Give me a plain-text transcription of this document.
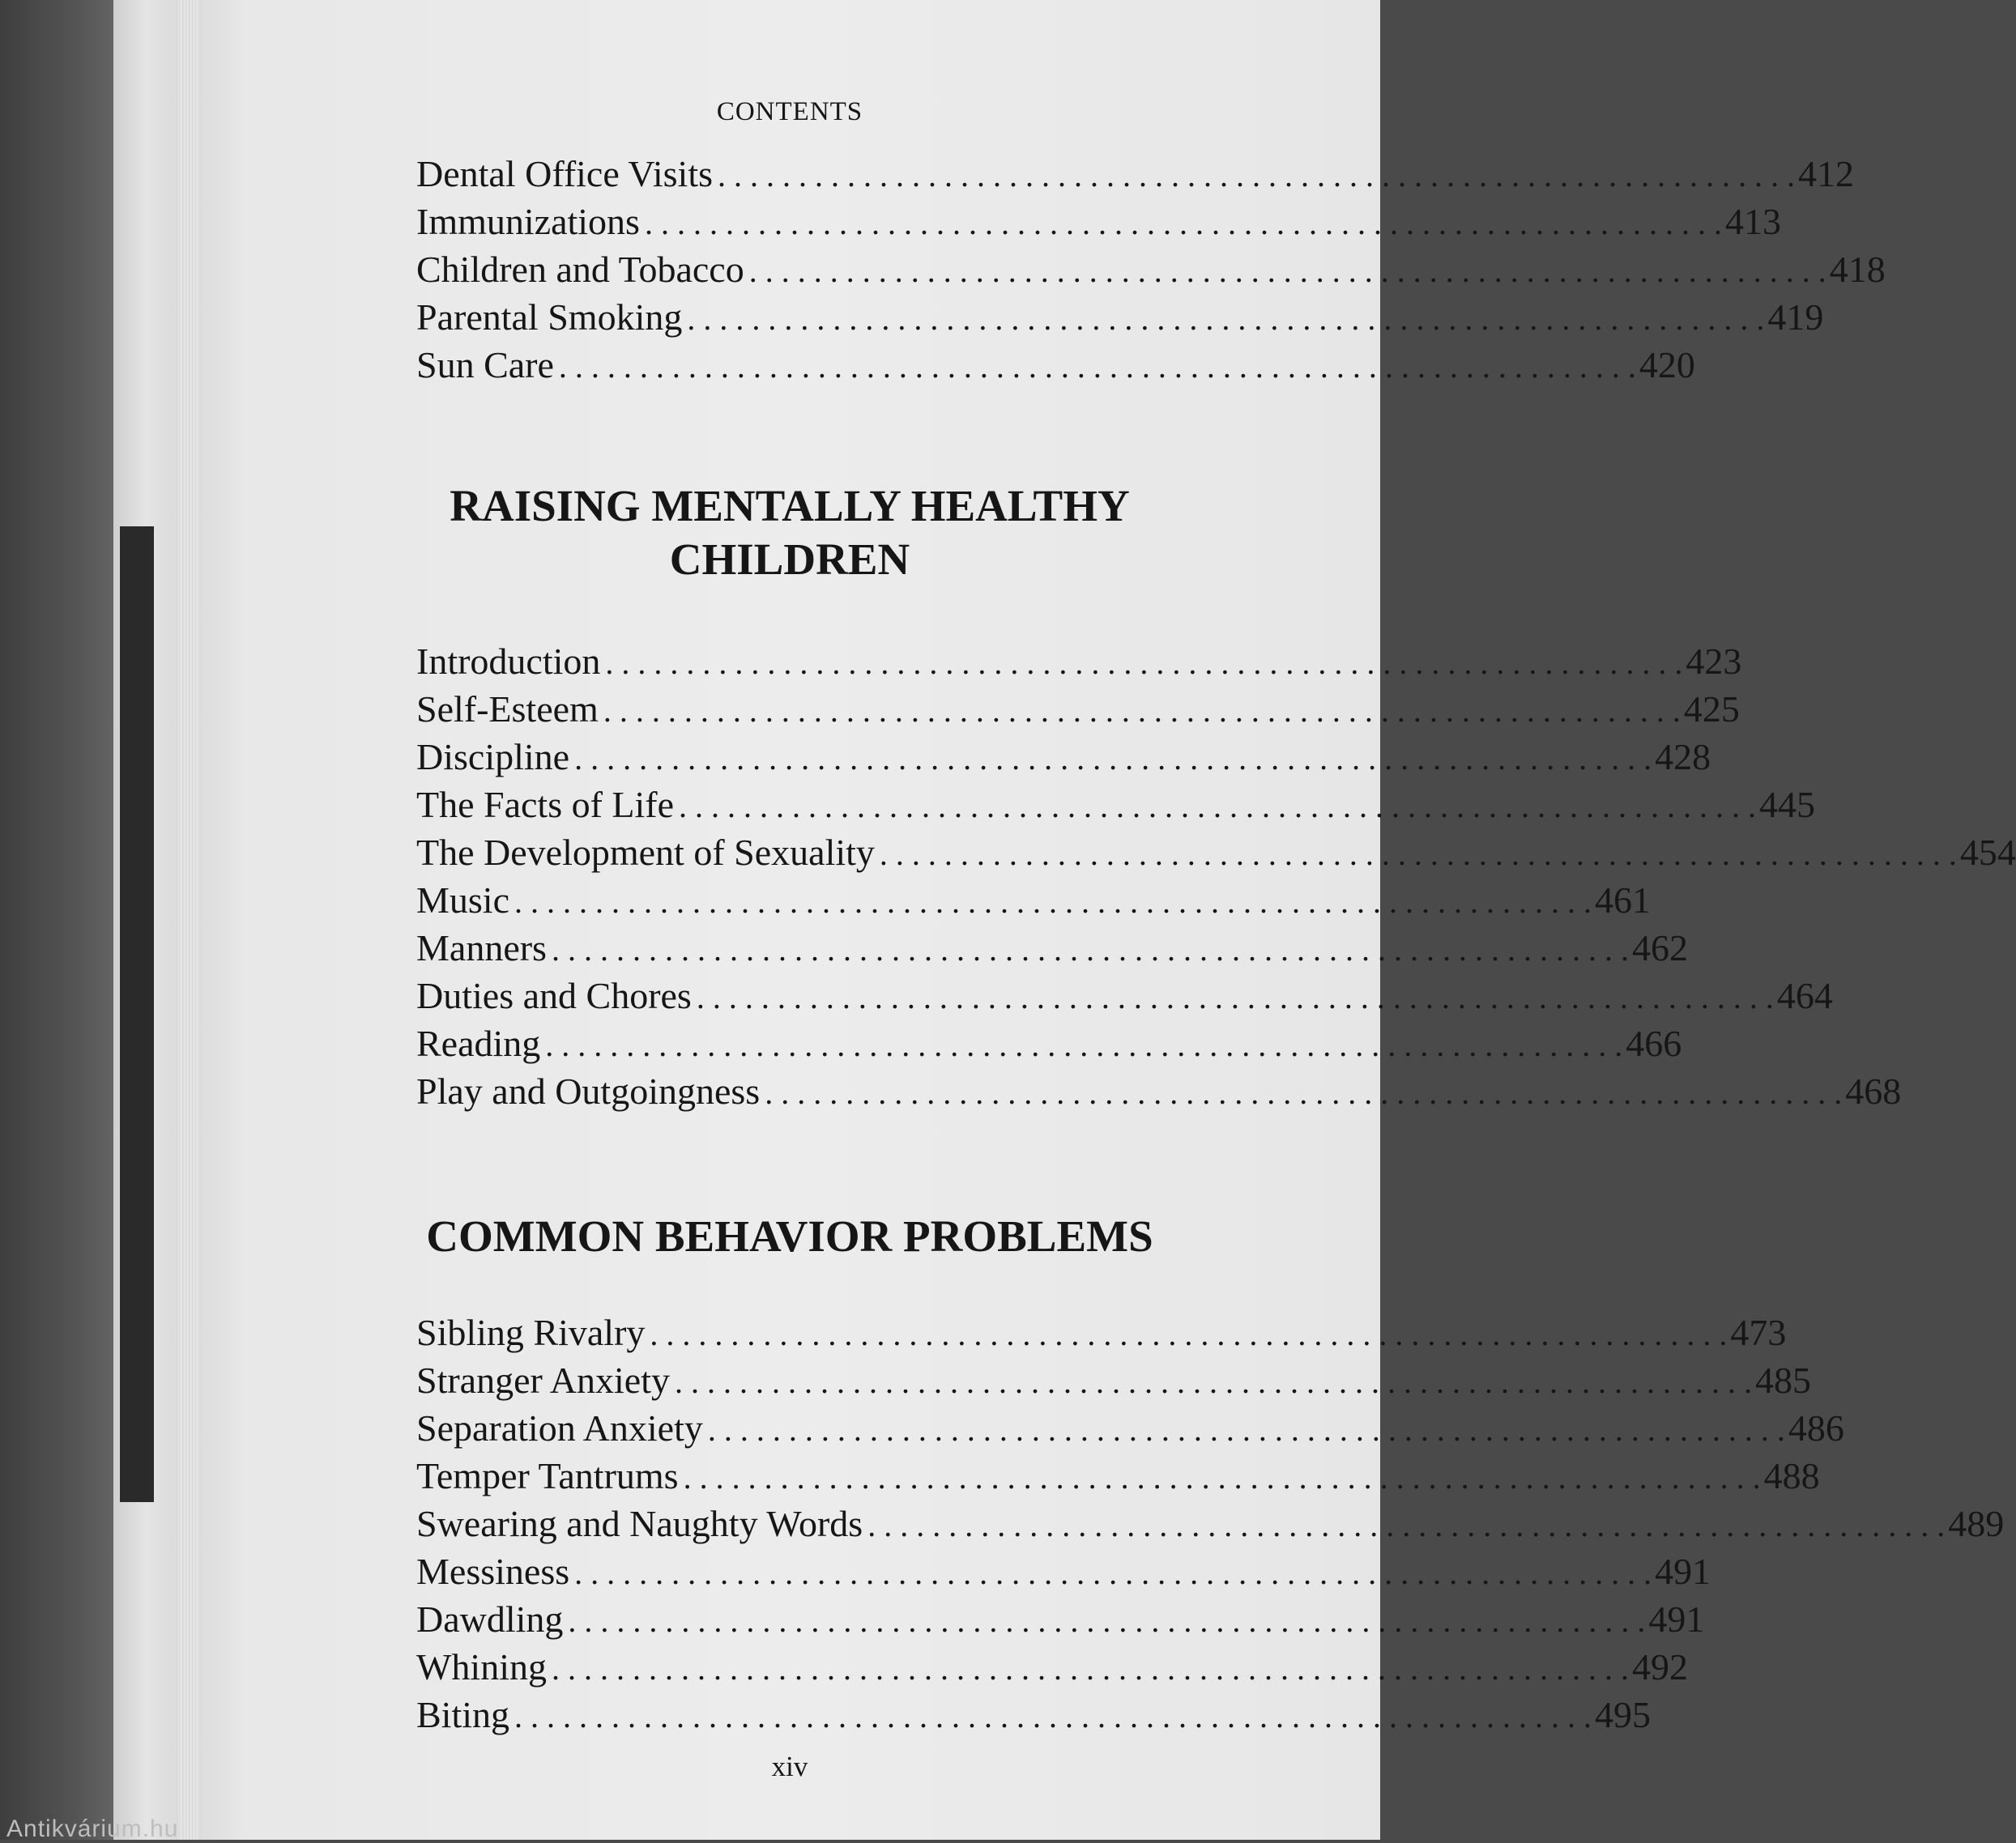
CONTENTS
Dental Office Visits . . .	412
Immunizations . . .	413
Children and Tobacco . . .	418
Parental Smoking . . .	419
Sun Care . . .	420
RAISING MENTALLY HEALTHY
CHILDREN
Introduction . . .	423
Self-Esteem . . .	425
Discipline . . .	428
The Facts of Life . . .	445
The Development of Sexuality . . .	454
Music . . .	461
Manners . . .	462
Duties and Chores . . .	464
Reading . . .	466
Play and Outgoingness . . .	468
COMMON BEHAVIOR PROBLEMS
Sibling Rivalry . . .	473
Stranger Anxiety . . .	485
Separation Anxiety . . .	486
Temper Tantrums . . .	488
Swearing and Naughty Words . . .	489
Messiness . . .	491
Dawdling . . .	491
Whining . . .	492
Biting . . .	495
xiv
Antikvárium.hu
